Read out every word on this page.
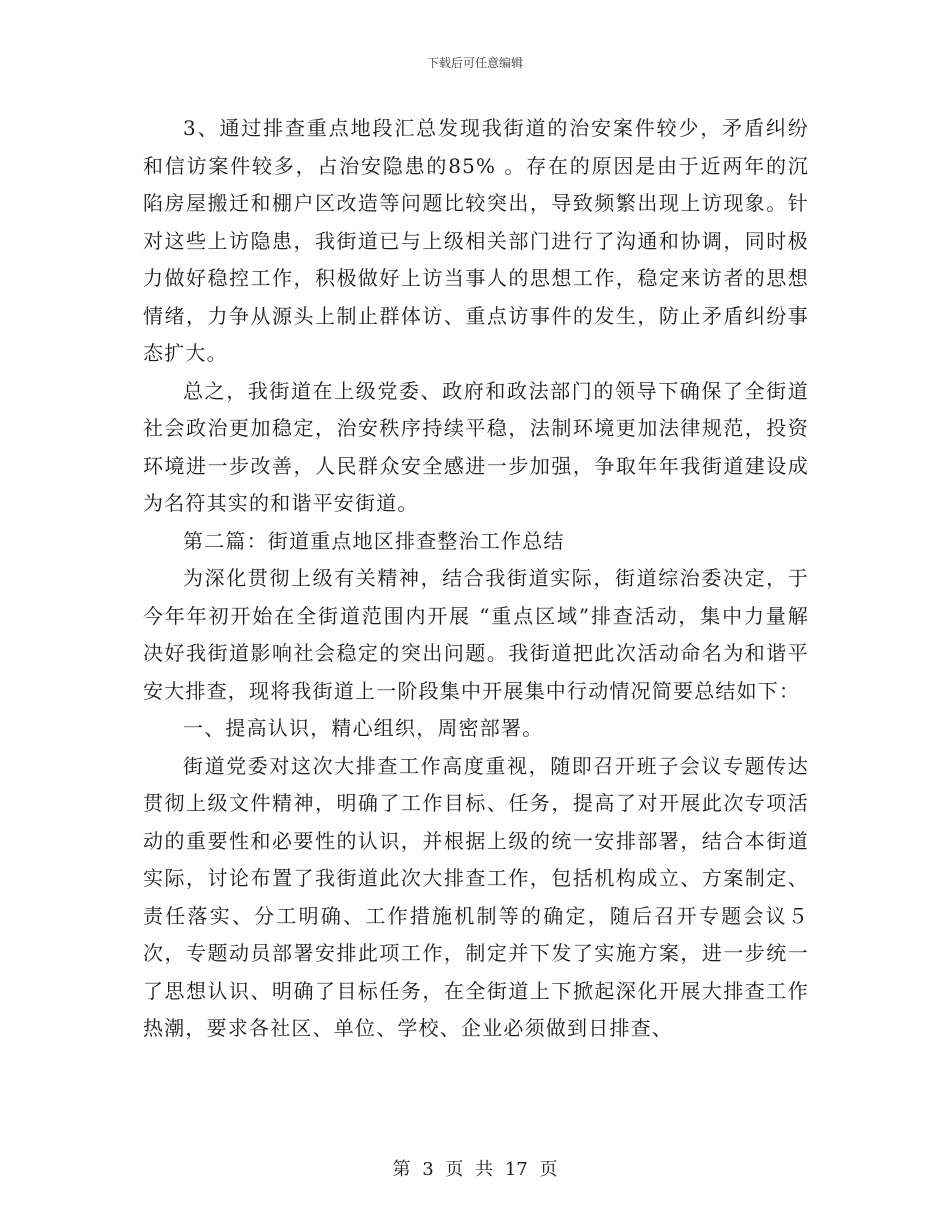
下载后可任意编辑

3、通过排查重点地段汇总发现我街道的治安案件较少，矛盾纠纷和信访案件较多，占治安隐患的85% 。存在的原因是由于近两年的沉陷房屋搬迁和棚户区改造等问题比较突出，导致频繁出现上访现象。针对这些上访隐患，我街道已与上级相关部门进行了沟通和协调，同时极力做好稳控工作，积极做好上访当事人的思想工作，稳定来访者的思想情绪，力争从源头上制止群体访、重点访事件的发生，防止矛盾纠纷事态扩大。

总之，我街道在上级党委、政府和政法部门的领导下确保了全街道社会政治更加稳定，治安秩序持续平稳，法制环境更加法律规范，投资环境进一步改善，人民群众安全感进一步加强，争取年年我街道建设成为名符其实的和谐平安街道。

第二篇：街道重点地区排查整治工作总结

为深化贯彻上级有关精神，结合我街道实际，街道综治委决定，于今年年初开始在全街道范围内开展 “重点区域”排查活动，集中力量解决好我街道影响社会稳定的突出问题。我街道把此次活动命名为和谐平安大排查，现将我街道上一阶段集中开展集中行动情况简要总结如下：

一、提高认识，精心组织，周密部署。

街道党委对这次大排查工作高度重视，随即召开班子会议专题传达贯彻上级文件精神，明确了工作目标、任务，提高了对开展此次专项活动的重要性和必要性的认识，并根据上级的统一安排部署，结合本街道实际，讨论布置了我街道此次大排查工作，包括机构成立、方案制定、责任落实、分工明确、工作措施机制等的确定，随后召开专题会议５次，专题动员部署安排此项工作，制定并下发了实施方案，进一步统一了思想认识、明确了目标任务，在全街道上下掀起深化开展大排查工作热潮，要求各社区、单位、学校、企业必须做到日排查、

第 3 页 共 17 页
